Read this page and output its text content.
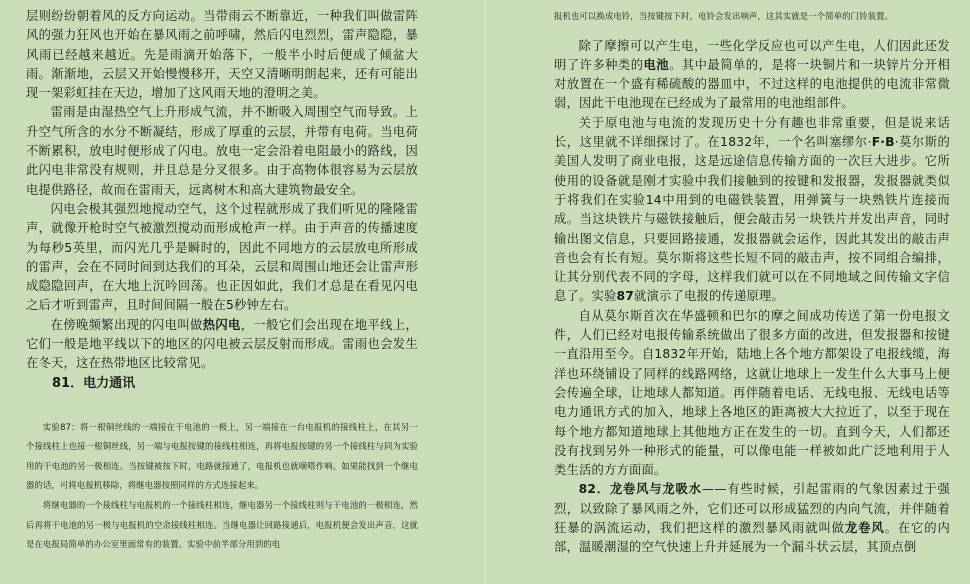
层则纷纷朝着风的反方向运动。当带雨云不断靠近，一种我们叫做雷阵风的强力狂风也开始在暴风雨之前呼啸，然后闪电烈烈，雷声隐隐，暴风雨已经越来越近。先是雨滴开始落下，一般半小时后便成了倾盆大雨。渐渐地，云层又开始慢慢移开，天空又清晰明朗起来，还有可能出现一架彩虹挂在天边，增加了这风雨天地的澄明之美。

雷雨是由湿热空气上升形成气流，并不断吸入周围空气而导致。上升空气所含的水分不断凝结，形成了厚重的云层，并带有电荷。当电荷不断累积，放电时便形成了闪电。放电一定会沿着电阻最小的路线，因此闪电非常没有规则，并且总是分叉很多。由于高物体很容易为云层放电提供路径，故而在雷雨天，远离树木和高大建筑物最安全。

闪电会极其强烈地搅动空气，这个过程就形成了我们听见的隆隆雷声，就像开枪时空气被激烈搅动而形成枪声一样。由于声音的传播速度为每秒5英里，而闪光几乎是瞬时的，因此不同地方的云层放电所形成的雷声，会在不同时间到达我们的耳朵，云层和周围山地还会让雷声形成隐隐回声，在大地上沉吟回荡。也正因如此，我们才总是在看见闪电之后才听到雷声，且时间间隔一般在5秒钟左右。

在傍晚频繁出现的闪电叫做热闪电，一般它们会出现在地平线上，它们一般是地平线以下的地区的闪电被云层反射而形成。雷雨也会发生在冬天，这在热带地区比较常见。

81．电力通讯

实验87：将一根铜丝线的一端接在干电池的一极上，另一端接在一台电报机的接线柱上，在其另一个接线柱上也接一根铜丝线，另一端与电报按键的接线柱相连，再将电报按键的另一个接线柱与同为实验用的干电池的另一极相连。当按键被按下时，电路就接通了，电报机也就嘀嗒作响。如果能找到一个继电器的话，可将电报机移除，将继电器按照同样的方式连接起来。

将继电器的一个接线柱与电报机的一个接线柱相连，继电器另一个接线柱则与干电池的一极相连，然后再将干电池的另一极与电报机的空余接线柱相连。当继电器让回路接通后，电报机便会发出声音，这就是在电报局简单的办公室里面常有的装置。实验中前半部分用到的电

报机也可以换成电铃，当按键按下时，电铃会发出响声，这其实就是一个简单的门铃装置。

除了摩擦可以产生电，一些化学反应也可以产生电，人们因此还发明了许多种类的电池。其中最简单的，是将一块铜片和一块锌片分开相对放置在一个盛有稀硫酸的器皿中，不过这样的电池提供的电流非常微弱，因此干电池现在已经成为了最常用的电池组部件。

关于原电池与电流的发现历史十分有趣也非常重要，但是说来话长，这里就不详细探讨了。在1832年，一个名叫塞缪尔·F·B·莫尔斯的美国人发明了商业电报，这是远途信息传输方面的一次巨大进步。它所使用的设备就是刚才实验中我们接触到的按键和发报器，发报器就类似于将我们在实验14中用到的电磁铁装置，用弹簧与一块熟铁片连接而成。当这块铁片与磁铁接触后，便会敲击另一块铁片并发出声音，同时输出图文信息，只要回路接通，发报器就会运作，因此其发出的敲击声音也会有长有短。莫尔斯将这些长短不同的敲击声，按不同组合编排，让其分别代表不同的字母，这样我们就可以在不同地域之间传输文字信息了。实验87就演示了电报的传递原理。

自从莫尔斯首次在华盛顿和巴尔的摩之间成功传送了第一份电报文件，人们已经对电报传输系统做出了很多方面的改进，但发报器和按键一直沿用至今。自1832年开始，陆地上各个地方都架设了电报线缆，海洋也环绕铺设了同样的线路网络，这就让地球上一发生什么大事马上便会传遍全球，让地球人都知道。再伴随着电话、无线电报、无线电话等电力通讯方式的加入，地球上各地区的距离被大大拉近了，以至于现在每个地方都知道地球上其他地方正在发生的一切。直到今天，人们都还没有找到另外一种形式的能量，可以像电能一样被如此广泛地利用于人类生活的方方面面。

82．龙卷风与龙吸水——有些时候，引起雷雨的气象因素过于强烈，以致除了暴风雨之外，它们还可以形成猛烈的内向气流，并伴随着狂暴的涡流运动，我们把这样的激烈暴风雨就叫做龙卷风。在它的内部，温暖潮湿的空气快速上升并延展为一个漏斗状云层，其顶点倒
